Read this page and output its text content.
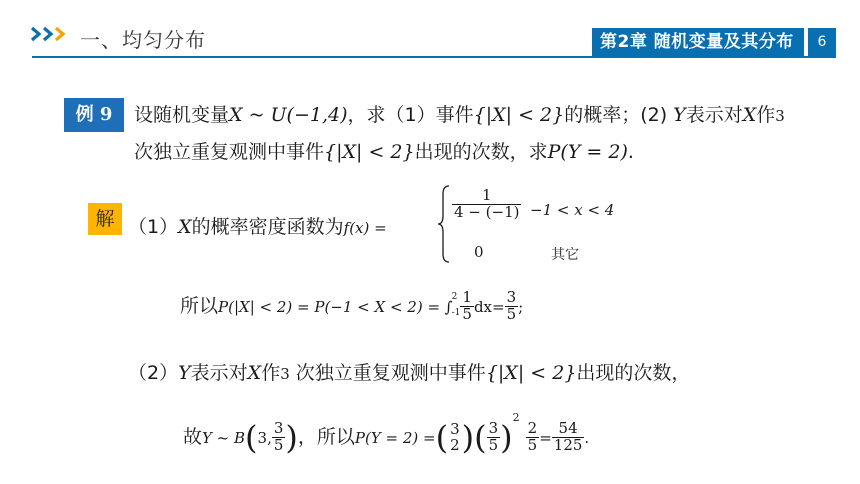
一、均匀分布	第2章 随机变量及其分布	6
例 9	设随机变量X ~ U(−1,4)，求（1）事件{|X| < 2}的概率；(2) Y表示对X作3
次独立重复观测中事件{|X| < 2}出现的次数，求P(Y = 2).
解 （1）X的概率密度函数为f(x) =
$\frac{1}{4 - (-1)} -1 < x < 4$
0	其它
所以P(|X| < 2) = P(−1 < X < 2) = ∫
2
$-1 \frac{1}{5} dx= \frac{3}{5}$ ;
（2）Y表示对X作3 次独立重复观测中事件{|X| < 2}出现的次数，
故Y ~ B(3, $\frac{3}{5}$ )，所以P(Y = 2) =( 3
2 )( $\frac{3}{5} )^2$
$\frac{2}{5} = \frac{54}{125}$ .
